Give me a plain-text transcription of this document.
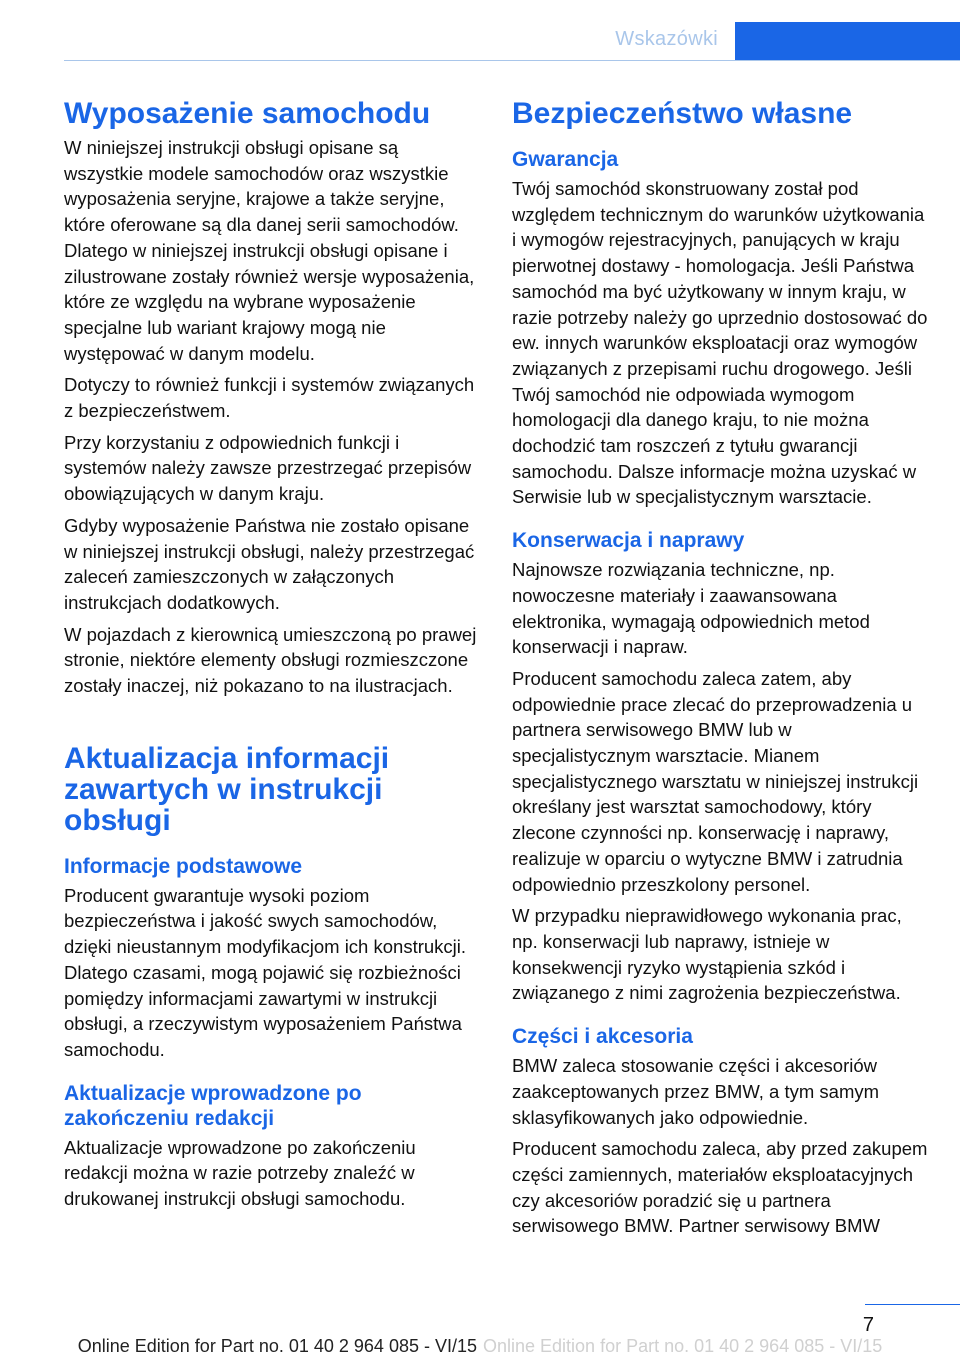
Wskazówki
Wyposażenie samochodu

W niniejszej instrukcji obsługi opisane są wszystkie modele samochodów oraz wszystkie wyposażenia seryjne, krajowe a także seryjne, które oferowane są dla danej serii samochodów. Dlatego w niniejszej instrukcji obsługi opisane i zilustrowane zostały również wersje wyposażenia, które ze względu na wybrane wyposażenie specjalne lub wariant krajowy mogą nie występować w danym modelu.

Dotyczy to również funkcji i systemów związanych z bezpieczeństwem.

Przy korzystaniu z odpowiednich funkcji i systemów należy zawsze przestrzegać przepisów obowiązujących w danym kraju.

Gdyby wyposażenie Państwa nie zostało opisane w niniejszej instrukcji obsługi, należy przestrzegać zaleceń zamieszczonych w załączonych instrukcjach dodatkowych.

W pojazdach z kierownicą umieszczoną po prawej stronie, niektóre elementy obsługi rozmieszczone zostały inaczej, niż pokazano to na ilustracjach.

Aktualizacja informacji zawartych w instrukcji obsługi
Informacje podstawowe

Producent gwarantuje wysoki poziom bezpieczeństwa i jakość swych samochodów, dzięki nieustannym modyfikacjom ich konstrukcji. Dlatego czasami, mogą pojawić się rozbieżności pomiędzy informacjami zawartymi w instrukcji obsługi, a rzeczywistym wyposażeniem Państwa samochodu.

Aktualizacje wprowadzone po zakończeniu redakcji

Aktualizacje wprowadzone po zakończeniu redakcji można w razie potrzeby znaleźć w drukowanej instrukcji obsługi samochodu.

Bezpieczeństwo własne
Gwarancja

Twój samochód skonstruowany został pod względem technicznym do warunków użytkowania i wymogów rejestracyjnych, panujących w kraju pierwotnej dostawy - homologacja. Jeśli Państwa samochód ma być użytkowany w innym kraju, w razie potrzeby należy go uprzednio dostosować do ew. innych warunków eksploatacji oraz wymogów związanych z przepisami ruchu drogowego. Jeśli Twój samochód nie odpowiada wymogom homologacji dla danego kraju, to nie można dochodzić tam roszczeń z tytułu gwarancji samochodu. Dalsze informacje można uzyskać w Serwisie lub w specjalistycznym warsztacie.

Konserwacja i naprawy

Najnowsze rozwiązania techniczne, np. nowoczesne materiały i zaawansowana elektronika, wymagają odpowiednich metod konserwacji i napraw.

Producent samochodu zaleca zatem, aby odpowiednie prace zlecać do przeprowadzenia u partnera serwisowego BMW lub w specjalistycznym warsztacie. Mianem specjalistycznego warsztatu w niniejszej instrukcji określany jest warsztat samochodowy, który zlecone czynności np. konserwację i naprawy, realizuje w oparciu o wytyczne BMW i zatrudnia odpowiednio przeszkolony personel.

W przypadku nieprawidłowego wykonania prac, np. konserwacji lub naprawy, istnieje w konsekwencji ryzyko wystąpienia szkód i związanego z nimi zagrożenia bezpieczeństwa.

Części i akcesoria

BMW zaleca stosowanie części i akcesoriów zaakceptowanych przez BMW, a tym samym sklasyfikowanych jako odpowiednie.

Producent samochodu zaleca, aby przed zakupem części zamiennych, materiałów eksploatacyjnych czy akcesoriów poradzić się u partnera serwisowego BMW. Partner serwisowy BMW

7
Online Edition for Part no. 01 40 2 964 085 - VI/15 Online Edition for Part no. 01 40 2 964 085 - VI/15
